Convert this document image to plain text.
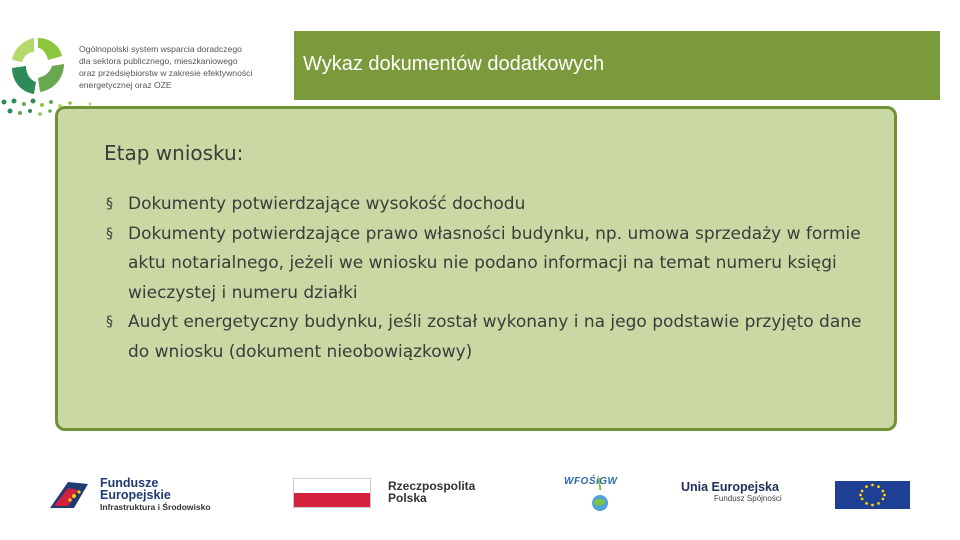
Ogólnopolski system wsparcia doradczego
dla sektora publicznego, mieszkaniowego
oraz przedsiębiorstw w zakresie efektywności
energetycznej oraz OZE
Wykaz dokumentów dodatkowych
Etap wniosku:
§ Dokumenty potwierdzające wysokość dochodu
§ Dokumenty potwierdzające prawo własności budynku, np. umowa sprzedaży w formie aktu notarialnego, jeżeli we wniosku nie podano informacji na temat numeru księgi wieczystej i numeru działki
§ Audyt energetyczny budynku, jeśli został wykonany i na jego podstawie przyjęto dane do wniosku (dokument nieobowiązkowy)
Fundusze
Europejskie
Infrastruktura i Środowisko
Rzeczpospolita
Polska
WFOŚiGW	Unia Europejska
Fundusz Spójności
